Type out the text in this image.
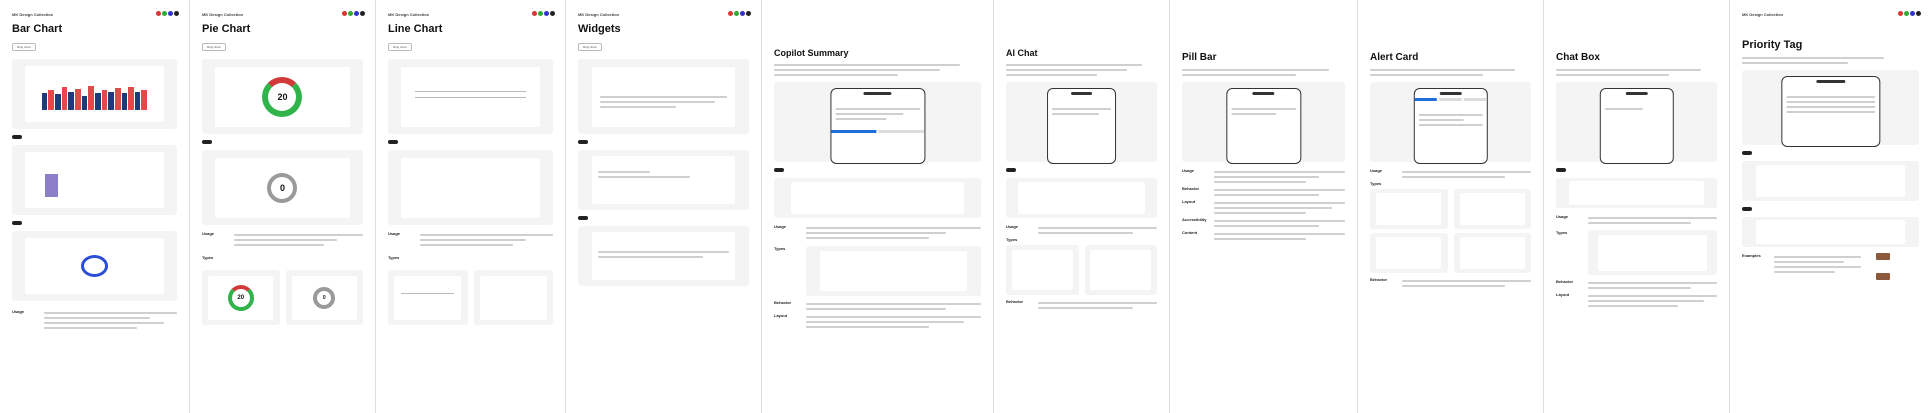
MK Design Collection
Bar Chart
Ring chart
Usage
MK Design Collection
Pie Chart
Ring chart
20
0
Usage
Types
20	0
MK Design Collection
Line Chart
Ring chart
Usage
Types
MK Design Collection
Widgets
Ring chart
Copilot Summary
Usage
Types
Behavior
Layout
AI Chat
Usage
Types
Behavior
Pill Bar
Usage
Behavior
Layout
Accessibility
Content
Alert Card
Usage
Types
Behavior
Chat Box
Usage
Types
Behavior
Layout
MK Design Collection
Priority Tag
Examples
